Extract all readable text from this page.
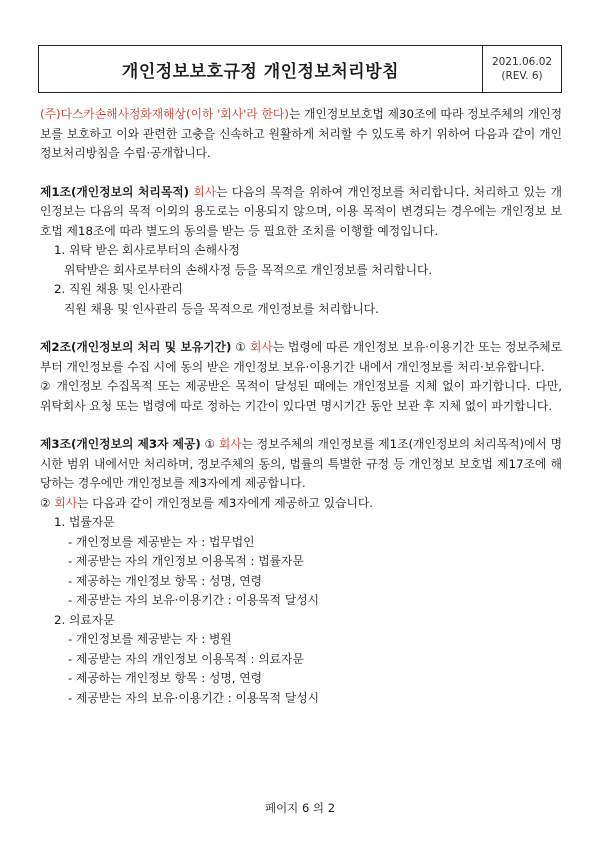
개인정보보호규정 개인정보처리방침	2021.06.02
(REV. 6)

(주)다스카손해사정화재해상(이하 '회사'라 한다)는 개인정보보호법 제30조에 따라 정보주체의 개인정보를 보호하고 이와 관련한 고충을 신속하고 원활하게 처리할 수 있도록 하기 위하여 다음과 같이 개인정보처리방침을 수립·공개합니다.

제1조(개인정보의 처리목적) 회사는 다음의 목적을 위하여 개인정보를 처리합니다. 처리하고 있는 개인정보는 다음의 목적 이외의 용도로는 이용되지 않으며, 이용 목적이 변경되는 경우에는 개인정보 보호법 제18조에 따라 별도의 동의를 받는 등 필요한 조치를 이행할 예정입니다.

1. 위탁 받은 회사로부터의 손해사정

위탁받은 회사로부터의 손해사정 등을 목적으로 개인정보를 처리합니다.

2. 직원 채용 및 인사관리

직원 채용 및 인사관리 등을 목적으로 개인정보를 처리합니다.

제2조(개인정보의 처리 및 보유기간) ① 회사는 법령에 따른 개인정보 보유·이용기간 또는 정보주체로부터 개인정보를 수집 시에 동의 받은 개인정보 보유·이용기간 내에서 개인정보를 처리·보유합니다.

② 개인정보 수집목적 또는 제공받은 목적이 달성된 때에는 개인정보를 지체 없이 파기합니다. 다만, 위탁회사 요청 또는 법령에 따로 정하는 기간이 있다면 명시기간 동안 보관 후 지체 없이 파기합니다.

제3조(개인정보의 제3자 제공) ① 회사는 정보주체의 개인정보를 제1조(개인정보의 처리목적)에서 명시한 범위 내에서만 처리하며, 정보주체의 동의, 법률의 특별한 규정 등 개인정보 보호법 제17조에 해당하는 경우에만 개인정보를 제3자에게 제공합니다.

② 회사는 다음과 같이 개인정보를 제3자에게 제공하고 있습니다.

1. 법률자문

- 개인정보를 제공받는 자 : 법무법인

- 제공받는 자의 개인정보 이용목적 : 법률자문

- 제공하는 개인정보 항목 : 성명, 연령

- 제공받는 자의 보유·이용기간 : 이용목적 달성시

2. 의료자문

- 개인정보를 제공받는 자 : 병원

- 제공받는 자의 개인정보 이용목적 : 의료자문

- 제공하는 개인정보 항목 : 성명, 연령

- 제공받는 자의 보유·이용기간 : 이용목적 달성시

페이지 6 의 2
